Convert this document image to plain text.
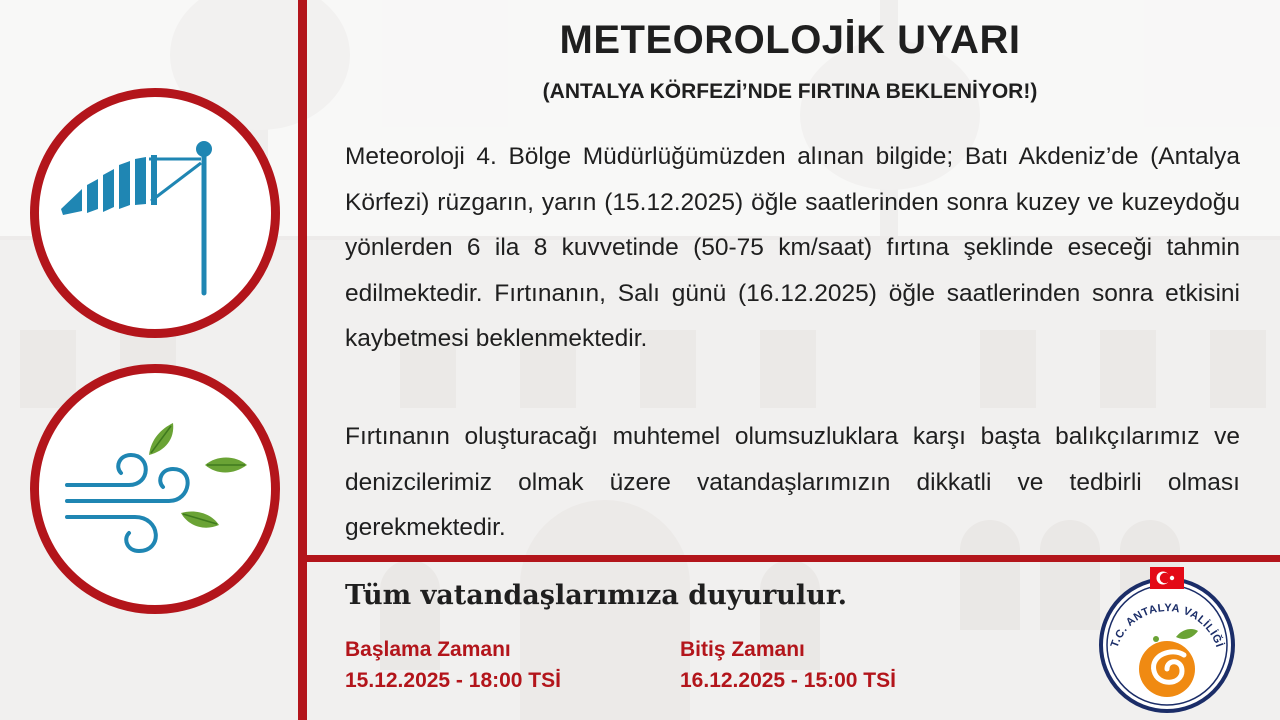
METEOROLOJİK UYARI
(ANTALYA KÖRFEZİ’NDE FIRTINA BEKLENİYOR!)

Meteoroloji 4. Bölge Müdürlüğümüzden alınan bilgide; Batı Akdeniz’de (Antalya Körfezi) rüzgarın, yarın (15.12.2025) öğle saatlerinden sonra kuzey ve kuzeydoğu yönlerden 6 ila 8 kuvvetinde (50-75 km/saat) fırtına şeklinde eseceği tahmin edilmektedir. Fırtınanın, Salı günü (16.12.2025) öğle saatlerinden sonra etkisini kaybetmesi beklenmektedir.

Fırtınanın oluşturacağı muhtemel olumsuzluklara karşı başta balıkçılarımız ve denizcilerimiz olmak üzere vatandaşlarımızın dikkatli ve tedbirli olması gerekmektedir.

Tüm vatandaşlarımıza duyurulur.
Başlama Zamanı
15.12.2025 - 18:00 TSİ
Bitiş Zamanı
16.12.2025 - 15:00 TSİ
T.C. ANTALYA VALİLİĞİ
